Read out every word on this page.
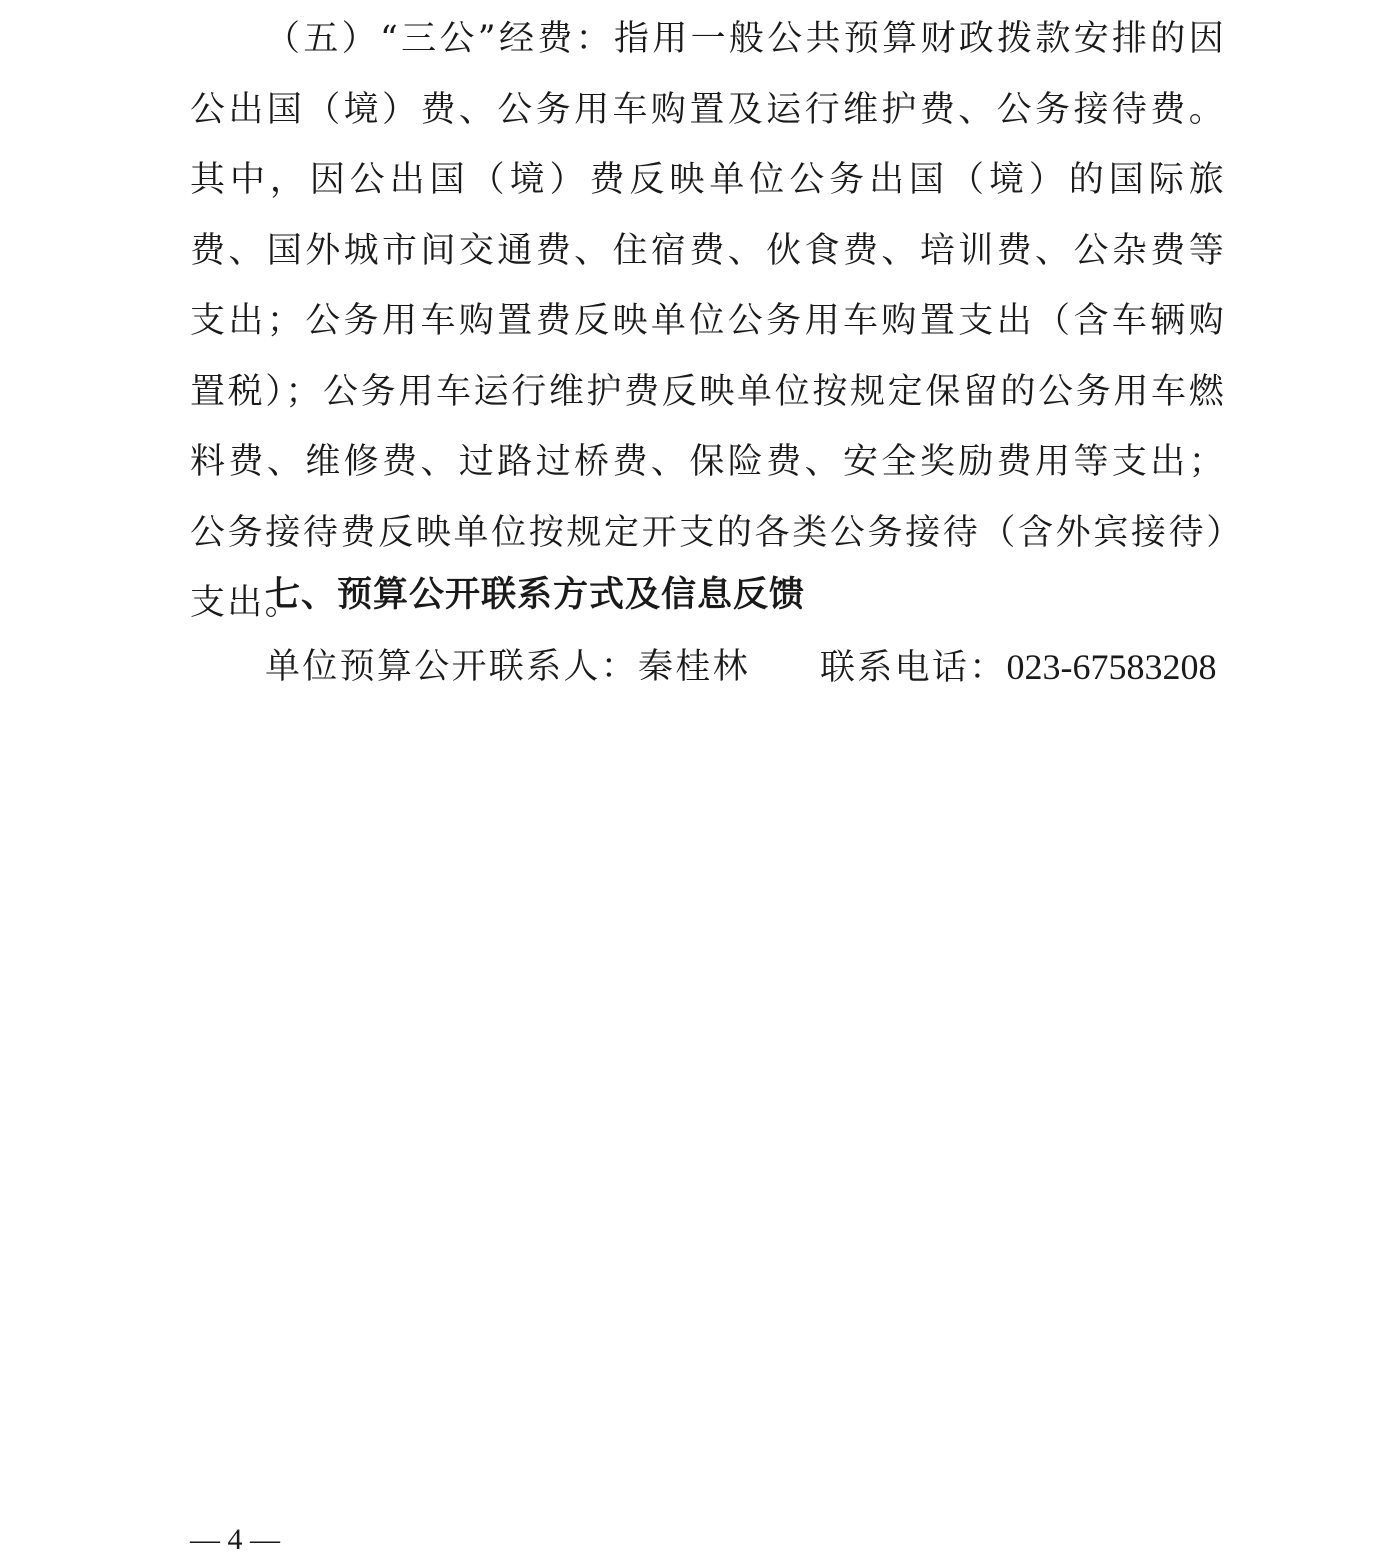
（五）“三公”经费：指用一般公共预算财政拨款安排的因公出国（境）费、公务用车购置及运行维护费、公务接待费。其中，因公出国（境）费反映单位公务出国（境）的国际旅费、国外城市间交通费、住宿费、伙食费、培训费、公杂费等支出；公务用车购置费反映单位公务用车购置支出（含车辆购置税）；公务用车运行维护费反映单位按规定保留的公务用车燃料费、维修费、过路过桥费、保险费、安全奖励费用等支出；公务接待费反映单位按规定开支的各类公务接待（含外宾接待）支出。

七、预算公开联系方式及信息反馈
单位预算公开联系人：秦桂林 联系电话：023-67583208
— 4 —
